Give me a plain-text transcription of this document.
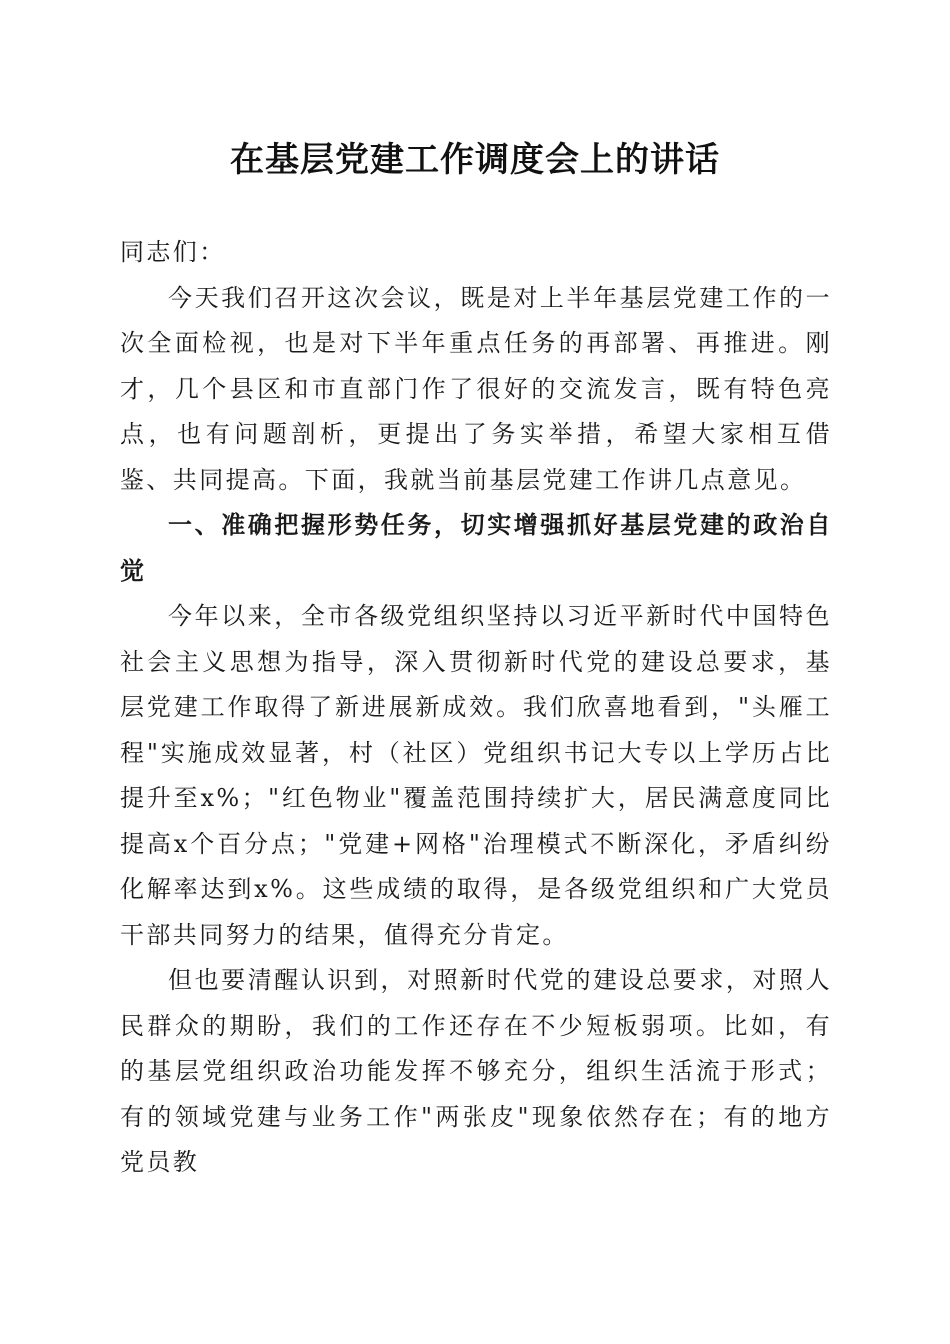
在基层党建工作调度会上的讲话

同志们：

今天我们召开这次会议，既是对上半年基层党建工作的一次全面检视，也是对下半年重点任务的再部署、再推进。刚才，几个县区和市直部门作了很好的交流发言，既有特色亮点，也有问题剖析，更提出了务实举措，希望大家相互借鉴、共同提高。下面，我就当前基层党建工作讲几点意见。

一、准确把握形势任务，切实增强抓好基层党建的政治自觉

今年以来，全市各级党组织坚持以习近平新时代中国特色社会主义思想为指导，深入贯彻新时代党的建设总要求，基层党建工作取得了新进展新成效。我们欣喜地看到，"头雁工程"实施成效显著，村（社区）党组织书记大专以上学历占比提升至x%；"红色物业"覆盖范围持续扩大，居民满意度同比提高x个百分点；"党建+网格"治理模式不断深化，矛盾纠纷化解率达到x%。这些成绩的取得，是各级党组织和广大党员干部共同努力的结果，值得充分肯定。

但也要清醒认识到，对照新时代党的建设总要求，对照人民群众的期盼，我们的工作还存在不少短板弱项。比如，有的基层党组织政治功能发挥不够充分，组织生活流于形式；有的领域党建与业务工作"两张皮"现象依然存在；有的地方党员教
